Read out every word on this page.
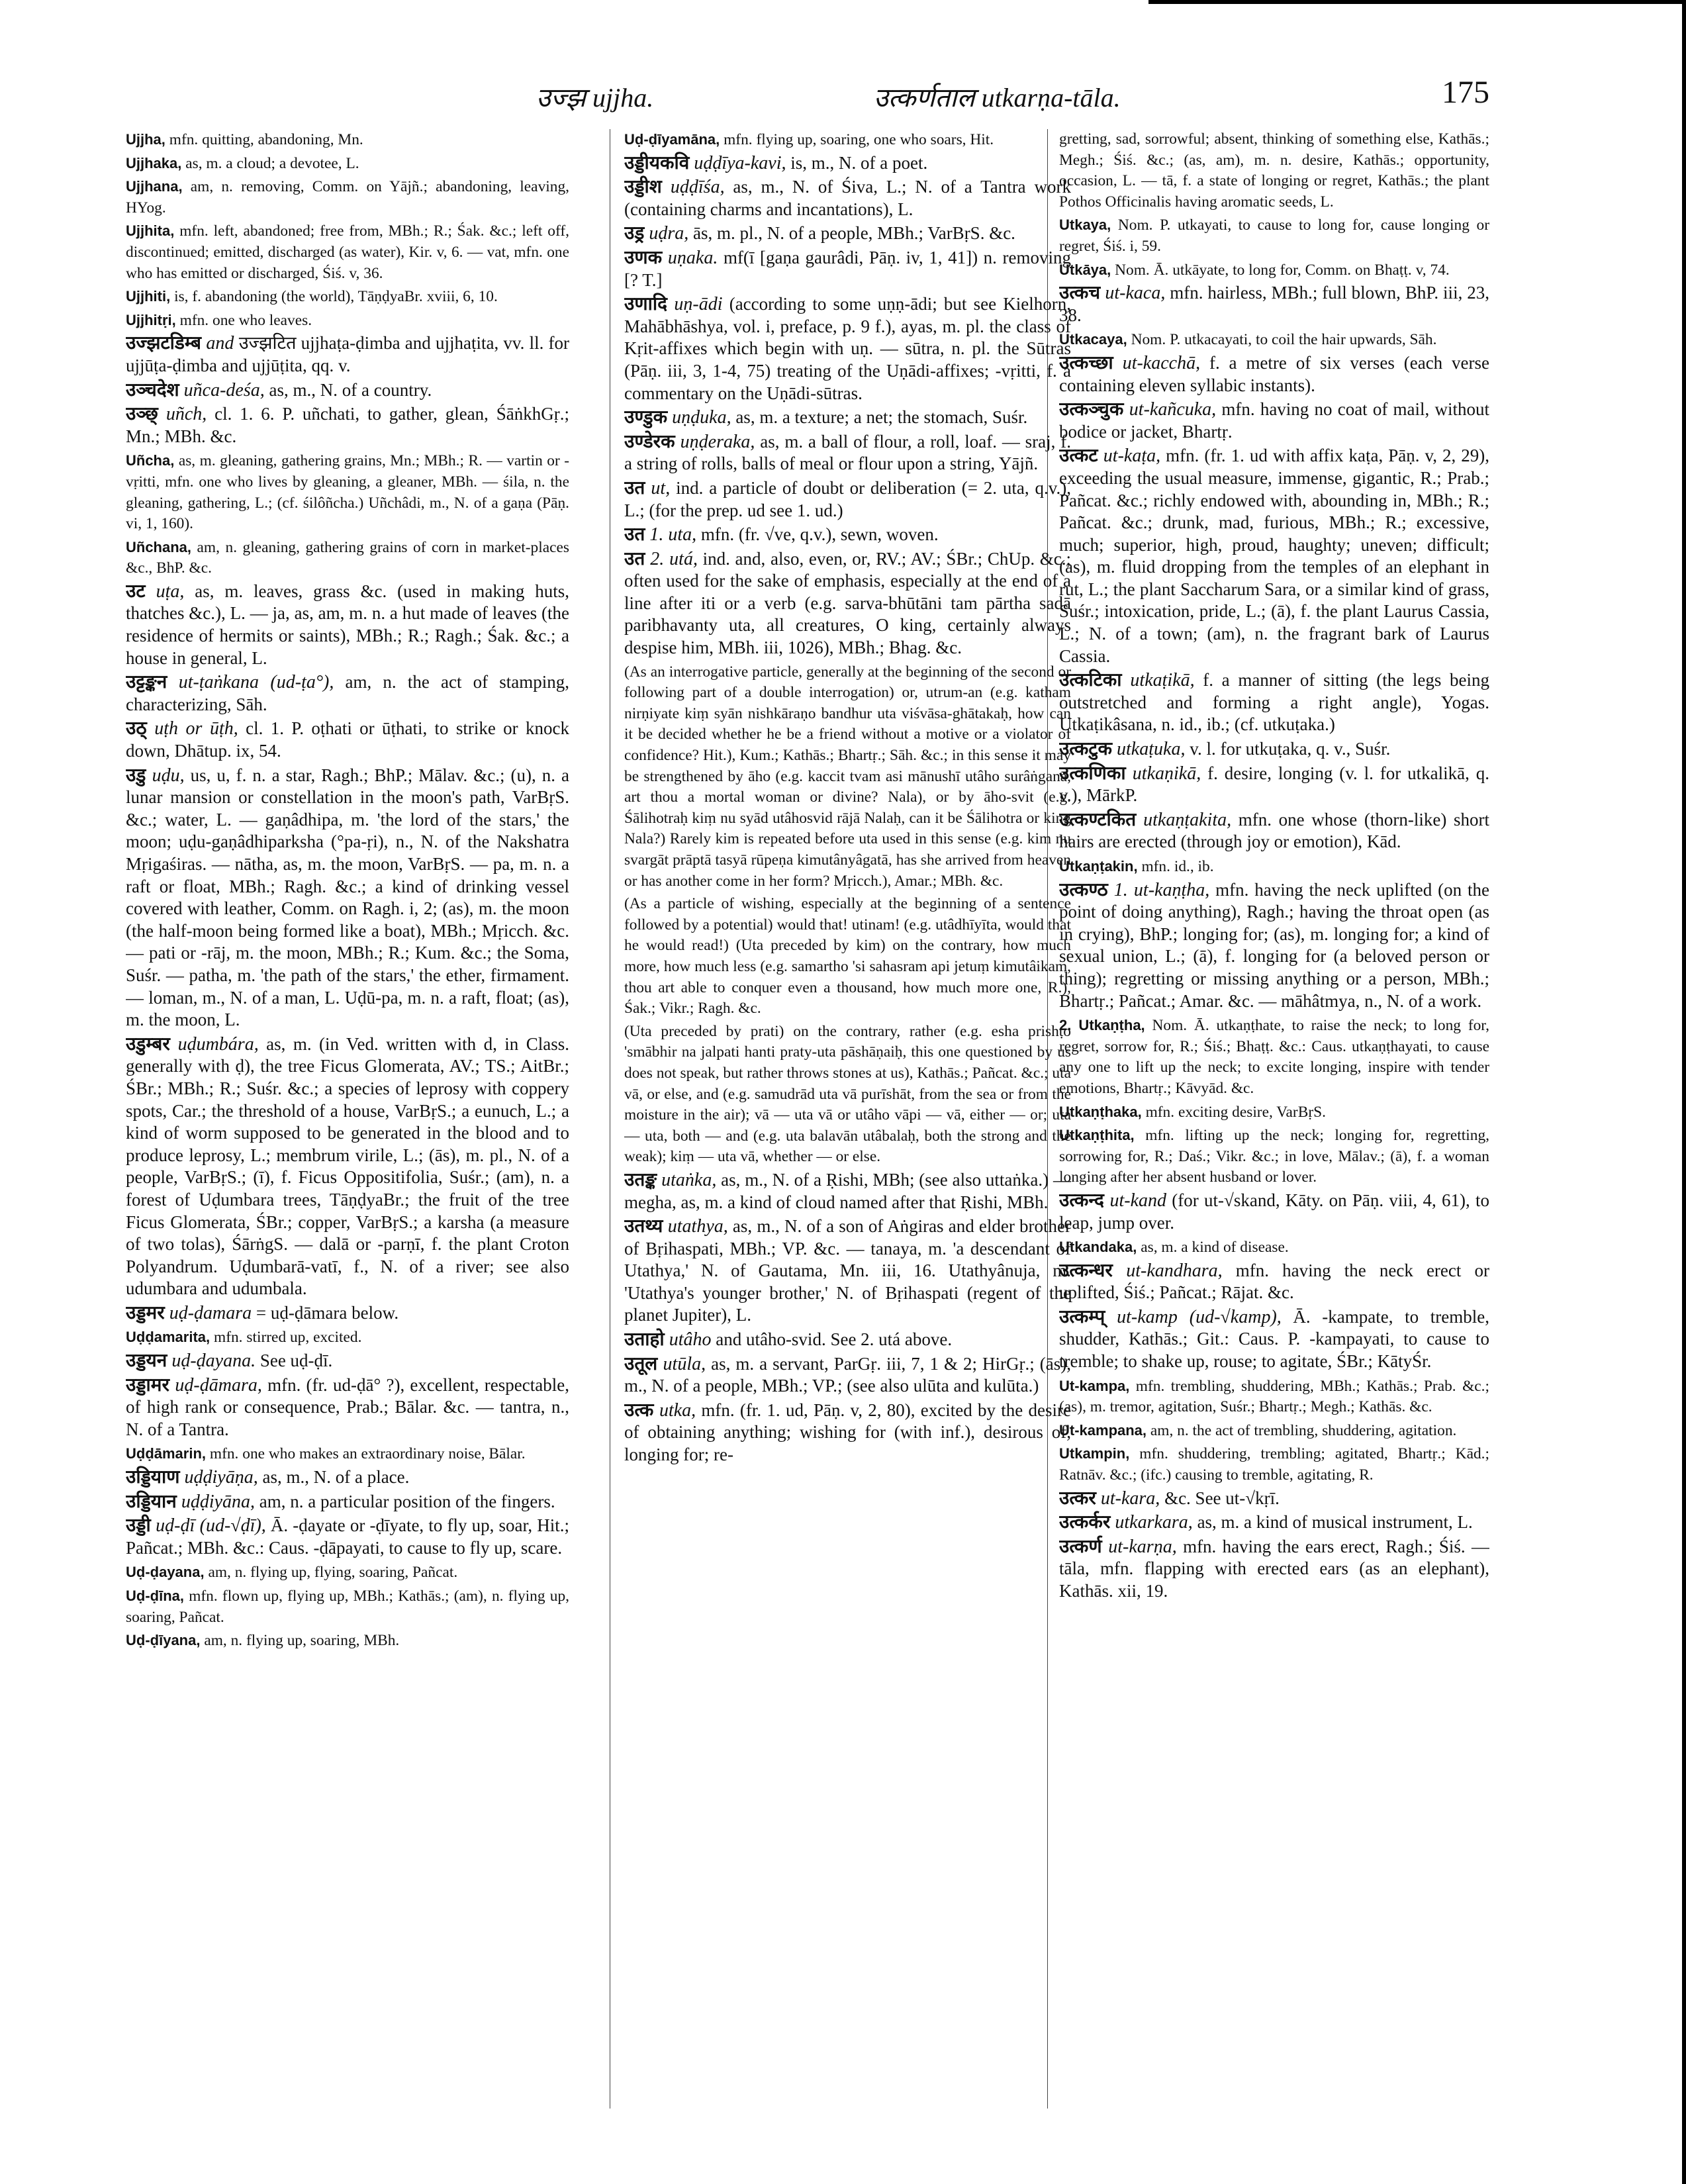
उज्झ ujjha.	उत्कर्णताल utkarṇa-tāla.	175

Ujjha, mfn. quitting, abandoning, Mn.

Ujjhaka, as, m. a cloud; a devotee, L.

Ujjhana, am, n. removing, Comm. on Yājñ.; abandoning, leaving, HYog.

Ujjhita, mfn. left, abandoned; free from, MBh.; R.; Śak. &c.; left off, discontinued; emitted, discharged (as water), Kir. v, 6. — vat, mfn. one who has emitted or discharged, Śiś. v, 36.

Ujjhiti, is, f. abandoning (the world), TāṇḍyaBr. xviii, 6, 10.

Ujjhitṛi, mfn. one who leaves.

उज्झटडिम्ब and उज्झटित ujjhaṭa-ḍimba and ujjhaṭita, vv. ll. for ujjūṭa-ḍimba and ujjūṭita, qq. v.

उञ्चदेश uñca-deśa, as, m., N. of a country.

उञ्छ् uñch, cl. 1. 6. P. uñchati, to gather, glean, ŚāṅkhGṛ.; Mn.; MBh. &c.

Uñcha, as, m. gleaning, gathering grains, Mn.; MBh.; R. — vartin or -vṛitti, mfn. one who lives by gleaning, a gleaner, MBh. — śila, n. the gleaning, gathering, L.; (cf. śilôñcha.) Uñchâdi, m., N. of a gaṇa (Pāṇ. vi, 1, 160).

Uñchana, am, n. gleaning, gathering grains of corn in market-places &c., BhP. &c.

उट uṭa, as, m. leaves, grass &c. (used in making huts, thatches &c.), L. — ja, as, am, m. n. a hut made of leaves (the residence of hermits or saints), MBh.; R.; Ragh.; Śak. &c.; a house in general, L.

उट्टङ्कन ut-ṭaṅkana (ud-ṭa°), am, n. the act of stamping, characterizing, Sāh.

उठ् uṭh or ūṭh, cl. 1. P. oṭhati or ūṭhati, to strike or knock down, Dhātup. ix, 54.

उडु uḍu, us, u, f. n. a star, Ragh.; BhP.; Mālav. &c.; (u), n. a lunar mansion or constellation in the moon's path, VarBṛS. &c.; water, L. — gaṇâdhipa, m. 'the lord of the stars,' the moon; uḍu-gaṇâdhiparksha (°pa-ṛi), n., N. of the Nakshatra Mṛigaśiras. — nātha, as, m. the moon, VarBṛS. — pa, m. n. a raft or float, MBh.; Ragh. &c.; a kind of drinking vessel covered with leather, Comm. on Ragh. i, 2; (as), m. the moon (the half-moon being formed like a boat), MBh.; Mṛicch. &c. — pati or -rāj, m. the moon, MBh.; R.; Kum. &c.; the Soma, Suśr. — patha, m. 'the path of the stars,' the ether, firmament. — loman, m., N. of a man, L. Uḍū-pa, m. n. a raft, float; (as), m. the moon, L.

उडुम्बर uḍumbára, as, m. (in Ved. written with d, in Class. generally with ḍ), the tree Ficus Glomerata, AV.; TS.; AitBr.; ŚBr.; MBh.; R.; Suśr. &c.; a species of leprosy with coppery spots, Car.; the threshold of a house, VarBṛS.; a eunuch, L.; a kind of worm supposed to be generated in the blood and to produce leprosy, L.; membrum virile, L.; (ās), m. pl., N. of a people, VarBṛS.; (ī), f. Ficus Oppositifolia, Suśr.; (am), n. a forest of Uḍumbara trees, TāṇḍyaBr.; the fruit of the tree Ficus Glomerata, ŚBr.; copper, VarBṛS.; a karsha (a measure of two tolas), ŚārṅgS. — dalā or -parṇī, f. the plant Croton Polyandrum. Uḍumbarā-vatī, f., N. of a river; see also udumbara and udumbala.

उड्डमर uḍ-ḍamara = uḍ-ḍāmara below.

Uḍḍamarita, mfn. stirred up, excited.

उड्डयन uḍ-ḍayana. See uḍ-ḍī.

उड्डामर uḍ-ḍāmara, mfn. (fr. ud-ḍā° ?), excellent, respectable, of high rank or consequence, Prab.; Bālar. &c. — tantra, n., N. of a Tantra.

Uḍḍāmarin, mfn. one who makes an extraordinary noise, Bālar.

उड्डियाण uḍḍiyāṇa, as, m., N. of a place.

उड्डियान uḍḍiyāna, am, n. a particular position of the fingers.

उड्डी uḍ-ḍī (ud-√ḍī), Ā. -ḍayate or -ḍīyate, to fly up, soar, Hit.; Pañcat.; MBh. &c.: Caus. -ḍāpayati, to cause to fly up, scare.

Uḍ-ḍayana, am, n. flying up, flying, soaring, Pañcat.

Uḍ-ḍīna, mfn. flown up, flying up, MBh.; Kathās.; (am), n. flying up, soaring, Pañcat.

Uḍ-ḍīyana, am, n. flying up, soaring, MBh.

Uḍ-ḍīyamāna, mfn. flying up, soaring, one who soars, Hit.

उड्डीयकवि uḍḍīya-kavi, is, m., N. of a poet.

उड्डीश uḍḍīśa, as, m., N. of Śiva, L.; N. of a Tantra work (containing charms and incantations), L.

उड्र uḍra, ās, m. pl., N. of a people, MBh.; VarBṛS. &c.

उणक uṇaka. mf(ī [gaṇa gaurâdi, Pāṇ. iv, 1, 41]) n. removing [? T.]

उणादि uṇ-ādi (according to some uṇṇ-ādi; but see Kielhorn, Mahābhāshya, vol. i, preface, p. 9 f.), ayas, m. pl. the class of Kṛit-affixes which begin with uṇ. — sūtra, n. pl. the Sūtras (Pāṇ. iii, 3, 1-4, 75) treating of the Uṇādi-affixes; -vṛitti, f. a commentary on the Uṇādi-sūtras.

उण्डुक uṇḍuka, as, m. a texture; a net; the stomach, Suśr.

उण्डेरक uṇḍeraka, as, m. a ball of flour, a roll, loaf. — sraj, f. a string of rolls, balls of meal or flour upon a string, Yājñ.

उत ut, ind. a particle of doubt or deliberation (= 2. uta, q.v.), L.; (for the prep. ud see 1. ud.)

उत 1. uta, mfn. (fr. √ve, q.v.), sewn, woven.

उत 2. utá, ind. and, also, even, or, RV.; AV.; ŚBr.; ChUp. &c.; often used for the sake of emphasis, especially at the end of a line after iti or a verb (e.g. sarva-bhūtāni tam pārtha sadā paribhavanty uta, all creatures, O king, certainly always despise him, MBh. iii, 1026), MBh.; Bhag. &c.

(As an interrogative particle, generally at the beginning of the second or following part of a double interrogation) or, utrum-an (e.g. katham nirṇiyate kiṃ syān nishkāraṇo bandhur uta viśvāsa-ghātakaḥ, how can it be decided whether he be a friend without a motive or a violator of confidence? Hit.), Kum.; Kathās.; Bhartṛ.; Sāh. &c.; in this sense it may be strengthened by āho (e.g. kaccit tvam asi mānushī utâho surâṅganā, art thou a mortal woman or divine? Nala), or by āho-svit (e.g. Śālihotraḥ kiṃ nu syād utâhosvid rājā Nalaḥ, can it be Śālihotra or king Nala?) Rarely kim is repeated before uta used in this sense (e.g. kim nu svargāt prāptā tasyā rūpeṇa kimutânyâgatā, has she arrived from heaven or has another come in her form? Mṛicch.), Amar.; MBh. &c.

(As a particle of wishing, especially at the beginning of a sentence followed by a potential) would that! utinam! (e.g. utâdhīyīta, would that he would read!) (Uta preceded by kim) on the contrary, how much more, how much less (e.g. samartho 'si sahasram api jetuṃ kimutâikam, thou art able to conquer even a thousand, how much more one, R.), Śak.; Vikr.; Ragh. &c.

(Uta preceded by prati) on the contrary, rather (e.g. esha prishṭo 'smābhir na jalpati hanti praty-uta pāshāṇaiḥ, this one questioned by us does not speak, but rather throws stones at us), Kathās.; Pañcat. &c.; uta vā, or else, and (e.g. samudrād uta vā purīshāt, from the sea or from the moisture in the air); vā — uta vā or utâho vāpi — vā, either — or; uta — uta, both — and (e.g. uta balavān utâbalaḥ, both the strong and the weak); kiṃ — uta vā, whether — or else.

उतङ्क utaṅka, as, m., N. of a Ṛishi, MBh; (see also uttaṅka.) — megha, as, m. a kind of cloud named after that Ṛishi, MBh.

उतथ्य utathya, as, m., N. of a son of Aṅgiras and elder brother of Bṛihaspati, MBh.; VP. &c. — tanaya, m. 'a descendant of Utathya,' N. of Gautama, Mn. iii, 16. Utathyânuja, m. 'Utathya's younger brother,' N. of Bṛihaspati (regent of the planet Jupiter), L.

उताहो utâho and utâho-svid. See 2. utá above.

उतूल utūla, as, m. a servant, ParGṛ. iii, 7, 1 & 2; HirGṛ.; (ās), m., N. of a people, MBh.; VP.; (see also ulūta and kulūta.)

उत्क utka, mfn. (fr. 1. ud, Pāṇ. v, 2, 80), excited by the desire of obtaining anything; wishing for (with inf.), desirous of, longing for; re-

gretting, sad, sorrowful; absent, thinking of something else, Kathās.; Megh.; Śiś. &c.; (as, am), m. n. desire, Kathās.; opportunity, occasion, L. — tā, f. a state of longing or regret, Kathās.; the plant Pothos Officinalis having aromatic seeds, L.

Utkaya, Nom. P. utkayati, to cause to long for, cause longing or regret, Śiś. i, 59.

Utkāya, Nom. Ā. utkāyate, to long for, Comm. on Bhaṭṭ. v, 74.

उत्कच ut-kaca, mfn. hairless, MBh.; full blown, BhP. iii, 23, 38.

Utkacaya, Nom. P. utkacayati, to coil the hair upwards, Sāh.

उत्कच्छा ut-kacchā, f. a metre of six verses (each verse containing eleven syllabic instants).

उत्कञ्चुक ut-kañcuka, mfn. having no coat of mail, without bodice or jacket, Bhartṛ.

उत्कट ut-kaṭa, mfn. (fr. 1. ud with affix kaṭa, Pāṇ. v, 2, 29), exceeding the usual measure, immense, gigantic, R.; Prab.; Pañcat. &c.; richly endowed with, abounding in, MBh.; R.; Pañcat. &c.; drunk, mad, furious, MBh.; R.; excessive, much; superior, high, proud, haughty; uneven; difficult; (as), m. fluid dropping from the temples of an elephant in rut, L.; the plant Saccharum Sara, or a similar kind of grass, Suśr.; intoxication, pride, L.; (ā), f. the plant Laurus Cassia, L.; N. of a town; (am), n. the fragrant bark of Laurus Cassia.

उत्कटिका utkaṭikā, f. a manner of sitting (the legs being outstretched and forming a right angle), Yogas. Utkaṭikâsana, n. id., ib.; (cf. utkuṭaka.)

उत्कटुक utkaṭuka, v. l. for utkuṭaka, q. v., Suśr.

उत्कणिका utkaṇikā, f. desire, longing (v. l. for utkalikā, q. v.), MārkP.

उत्कण्टकित utkaṇṭakita, mfn. one whose (thorn-like) short hairs are erected (through joy or emotion), Kād.

Utkaṇṭakin, mfn. id., ib.

उत्कण्ठ 1. ut-kaṇṭha, mfn. having the neck uplifted (on the point of doing anything), Ragh.; having the throat open (as in crying), BhP.; longing for; (as), m. longing for; a kind of sexual union, L.; (ā), f. longing for (a beloved person or thing); regretting or missing anything or a person, MBh.; Bhartṛ.; Pañcat.; Amar. &c. — māhâtmya, n., N. of a work.

2. Utkaṇṭha, Nom. Ā. utkaṇṭhate, to raise the neck; to long for, regret, sorrow for, R.; Śiś.; Bhaṭṭ. &c.: Caus. utkaṇṭhayati, to cause any one to lift up the neck; to excite longing, inspire with tender emotions, Bhartṛ.; Kāvyād. &c.

Utkaṇṭhaka, mfn. exciting desire, VarBṛS.

Utkaṇṭhita, mfn. lifting up the neck; longing for, regretting, sorrowing for, R.; Daś.; Vikr. &c.; in love, Mālav.; (ā), f. a woman longing after her absent husband or lover.

उत्कन्द ut-kand (for ut-√skand, Kāty. on Pāṇ. viii, 4, 61), to leap, jump over.

Utkandaka, as, m. a kind of disease.

उत्कन्धर ut-kandhara, mfn. having the neck erect or uplifted, Śiś.; Pañcat.; Rājat. &c.

उत्कम्प् ut-kamp (ud-√kamp), Ā. -kampate, to tremble, shudder, Kathās.; Git.: Caus. P. -kampayati, to cause to tremble; to shake up, rouse; to agitate, ŚBr.; KātyŚr.

Ut-kampa, mfn. trembling, shuddering, MBh.; Kathās.; Prab. &c.; (as), m. tremor, agitation, Suśr.; Bhartṛ.; Megh.; Kathās. &c.

Ut-kampana, am, n. the act of trembling, shuddering, agitation.

Utkampin, mfn. shuddering, trembling; agitated, Bhartṛ.; Kād.; Ratnāv. &c.; (ifc.) causing to tremble, agitating, R.

उत्कर ut-kara, &c. See ut-√kṛī.

उत्कर्कर utkarkara, as, m. a kind of musical instrument, L.

उत्कर्ण ut-karṇa, mfn. having the ears erect, Ragh.; Śiś. — tāla, mfn. flapping with erected ears (as an elephant), Kathās. xii, 19.
